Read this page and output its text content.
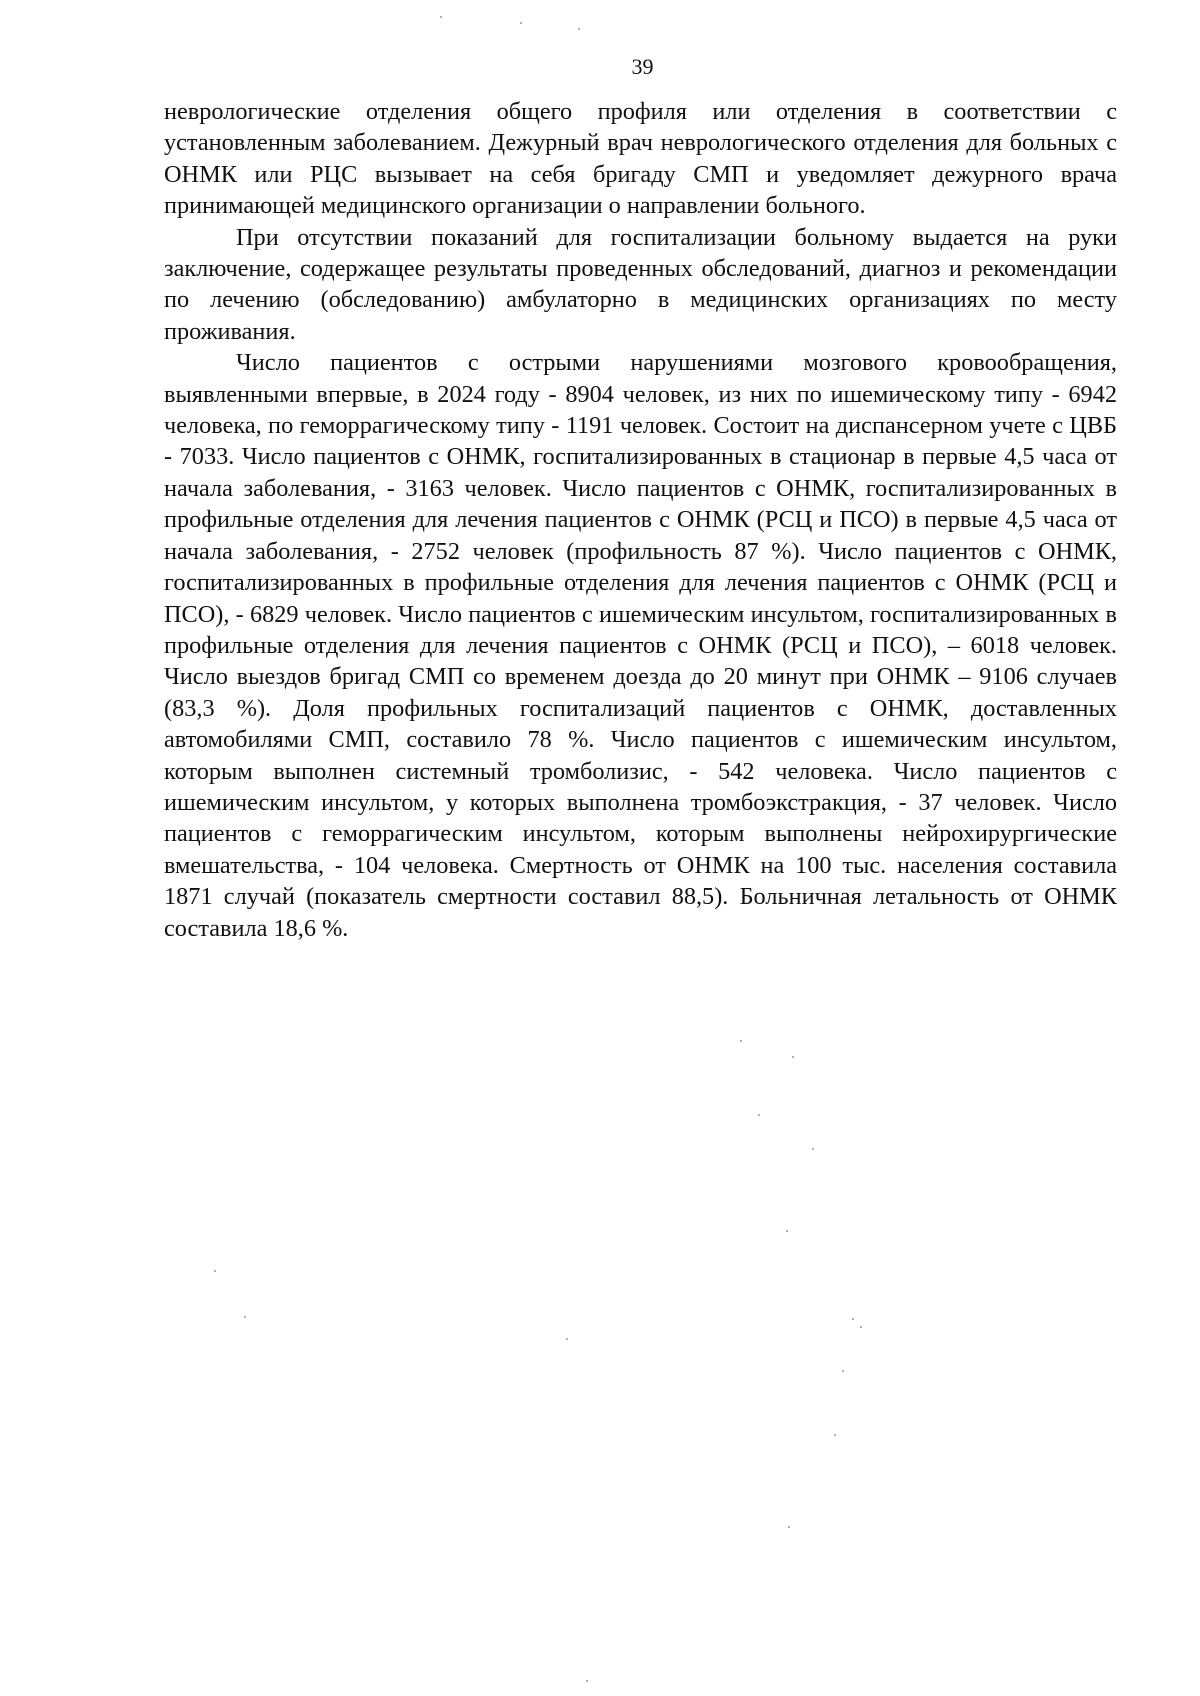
39

неврологические отделения общего профиля или отделения в соответствии с установленным заболеванием. Дежурный врач неврологического отделения для больных с ОНМК или РЦС вызывает на себя бригаду СМП и уведомляет дежурного врача принимающей медицинского организации о направлении больного.

При отсутствии показаний для госпитализации больному выдается на руки заключение, содержащее результаты проведенных обследований, диагноз и рекомендации по лечению (обследованию) амбулаторно в медицинских организациях по месту проживания.

Число пациентов с острыми нарушениями мозгового кровообращения, выявленными впервые, в 2024 году - 8904 человек, из них по ишемическому типу - 6942 человека, по геморрагическому типу - 1191 человек. Состоит на диспансерном учете с ЦВБ - 7033. Число пациентов с ОНМК, госпитализированных в стационар в первые 4,5 часа от начала заболевания, - 3163 человек. Число пациентов с ОНМК, госпитализированных в профильные отделения для лечения пациентов с ОНМК (РСЦ и ПСО) в первые 4,5 часа от начала заболевания, - 2752 человек (профильность 87 %). Число пациентов с ОНМК, госпитализированных в профильные отделения для лечения пациентов с ОНМК (РСЦ и ПСО), - 6829 человек. Число пациентов с ишемическим инсультом, госпитализированных в профильные отделения для лечения пациентов с ОНМК (РСЦ и ПСО), – 6018 человек. Число выездов бригад СМП со временем доезда до 20 минут при ОНМК – 9106 случаев (83,3 %). Доля профильных госпитализаций пациентов с ОНМК, доставленных автомобилями СМП, составило 78 %. Число пациентов с ишемическим инсультом, которым выполнен системный тромболизис, - 542 человека. Число пациентов с ишемическим инсультом, у которых выполнена тромбоэкстракция, - 37 человек. Число пациентов с геморрагическим инсультом, которым выполнены нейрохирургические вмешательства, - 104 человека. Смертность от ОНМК на 100 тыс. населения составила 1871 случай (показатель смертности составил 88,5). Больничная летальность от ОНМК составила 18,6 %.
